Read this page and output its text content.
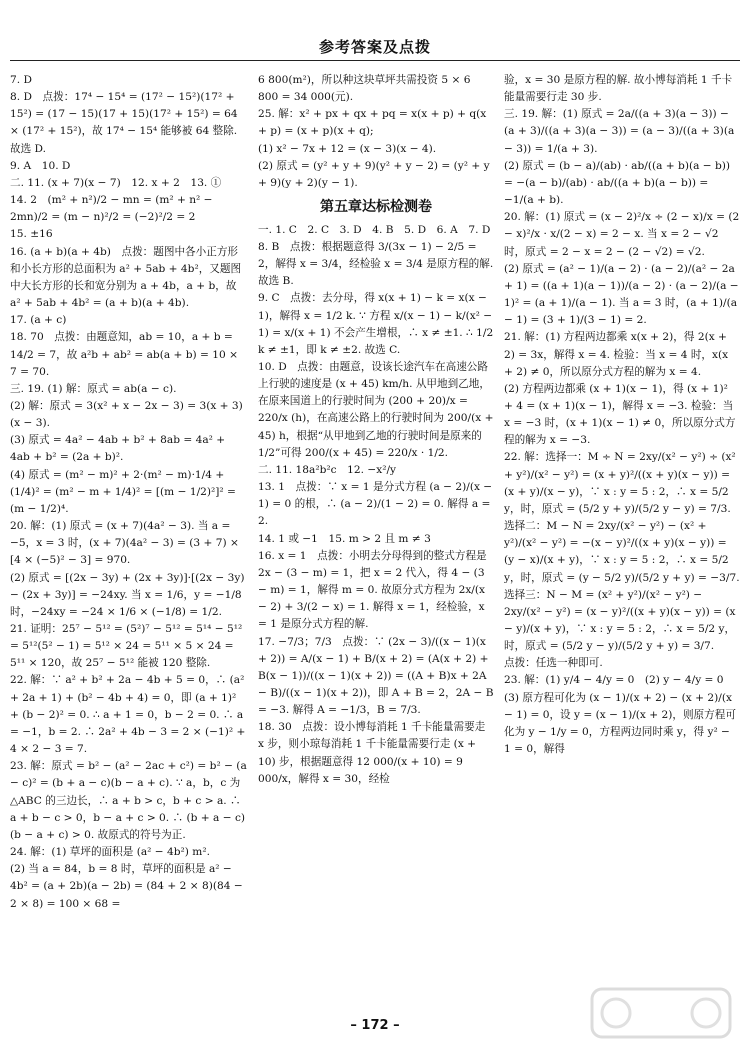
参考答案及点拨
7. D
8. D　点拨：17⁴ − 15⁴ = (17² − 15²)(17² + 15²) = (17 − 15)(17 + 15)(17² + 15²) = 64 × (17² + 15²)，故 17⁴ − 15⁴ 能够被 64 整除. 故选 D.
9. A　10. D
二. 11. (x + 7)(x − 7)　12. x + 2　13. ①
14. 2　(m² + n²)/2 − mn = (m² + n² − 2mn)/2 = (m − n)²/2 = (−2)²/2 = 2
15. ±16
16. (a + b)(a + 4b)　点拨：题图中各小正方形和小长方形的总面积为 a² + 5ab + 4b²，又题图中大长方形的长和宽分别为 a + 4b，a + b，故 a² + 5ab + 4b² = (a + b)(a + 4b).
17. (a + c)
18. 70　点拨：由题意知，ab = 10，a + b = 14/2 = 7，故 a²b + ab² = ab(a + b) = 10 × 7 = 70.
三. 19. (1) 解：原式 = ab(a − c).
(2) 解：原式 = 3(x² + x − 2x − 3) = 3(x + 3)(x − 3).
(3) 原式 = 4a² − 4ab + b² + 8ab = 4a² + 4ab + b² = (2a + b)².
(4) 原式 = (m² − m)² + 2·(m² − m)·1/4 + (1/4)² = (m² − m + 1/4)² = [(m − 1/2)²]² = (m − 1/2)⁴.
20. 解：(1) 原式 = (x + 7)(4a² − 3). 当 a = −5，x = 3 时，(x + 7)(4a² − 3) = (3 + 7) × [4 × (−5)² − 3] = 970.
(2) 原式 = [(2x − 3y) + (2x + 3y)]·[(2x − 3y) − (2x + 3y)] = −24xy. 当 x = 1/6，y = −1/8 时，−24xy = −24 × 1/6 × (−1/8) = 1/2.
21. 证明：25⁷ − 5¹² = (5²)⁷ − 5¹² = 5¹⁴ − 5¹² = 5¹²(5² − 1) = 5¹² × 24 = 5¹¹ × 5 × 24 = 5¹¹ × 120，故 25⁷ − 5¹² 能被 120 整除.
22. 解：∵ a² + b² + 2a − 4b + 5 = 0，∴ (a² + 2a + 1) + (b² − 4b + 4) = 0，即 (a + 1)² + (b − 2)² = 0. ∴ a + 1 = 0，b − 2 = 0. ∴ a = −1，b = 2. ∴ 2a² + 4b − 3 = 2 × (−1)² + 4 × 2 − 3 = 7.
23. 解：原式 = b² − (a² − 2ac + c²) = b² − (a − c)² = (b + a − c)(b − a + c). ∵ a，b，c 为 △ABC 的三边长，∴ a + b > c，b + c > a. ∴ a + b − c > 0，b − a + c > 0. ∴ (b + a − c)(b − a + c) > 0. 故原式的符号为正.
24. 解：(1) 草坪的面积是 (a² − 4b²) m².
(2) 当 a = 84，b = 8 时，草坪的面积是 a² − 4b² = (a + 2b)(a − 2b) = (84 + 2 × 8)(84 − 2 × 8) = 100 × 68 =
6 800(m²)，所以种这块草坪共需投资 5 × 6 800 = 34 000(元).
25. 解：x² + px + qx + pq = x(x + p) + q(x + p) = (x + p)(x + q);
(1) x² − 7x + 12 = (x − 3)(x − 4).
(2) 原式 = (y² + y + 9)(y² + y − 2) = (y² + y + 9)(y + 2)(y − 1).
第五章达标检测卷
一. 1. C　2. C　3. D　4. B　5. D　6. A　7. D
8. B　点拨：根据题意得 3/(3x − 1) − 2/5 = 2，解得 x = 3/4，经检验 x = 3/4 是原方程的解. 故选 B.
9. C　点拨：去分母，得 x(x + 1) − k = x(x − 1)，解得 x = 1/2 k. ∵ 方程 x/(x − 1) − k/(x² − 1) = x/(x + 1) 不会产生增根，∴ x ≠ ±1. ∴ 1/2 k ≠ ±1，即 k ≠ ±2. 故选 C.
10. D　点拨：由题意，设该长途汽车在高速公路上行驶的速度是 (x + 45) km/h. 从甲地到乙地，在原来国道上的行驶时间为 (200 + 20)/x = 220/x (h)，在高速公路上的行驶时间为 200/(x + 45) h，根据“从甲地到乙地的行驶时间是原来的 1/2”可得 200/(x + 45) = 220/x · 1/2.
二. 11. 18a²b²c　12. −x²/y
13. 1　点拨：∵ x = 1 是分式方程 (a − 2)/(x − 1) = 0 的根，∴ (a − 2)/(1 − 2) = 0. 解得 a = 2.
14. 1 或 −1　15. m > 2 且 m ≠ 3
16. x = 1　点拨：小明去分母得到的整式方程是 2x − (3 − m) = 1，把 x = 2 代入，得 4 − (3 − m) = 1，解得 m = 0. 故原分式方程为 2x/(x − 2) + 3/(2 − x) = 1. 解得 x = 1，经检验，x = 1 是原分式方程的解.
17. −7/3；7/3　点拨：∵ (2x − 3)/((x − 1)(x + 2)) = A/(x − 1) + B/(x + 2) = (A(x + 2) + B(x − 1))/((x − 1)(x + 2)) = ((A + B)x + 2A − B)/((x − 1)(x + 2))，即 A + B = 2，2A − B = −3. 解得 A = −1/3，B = 7/3.
18. 30　点拨：设小博每消耗 1 千卡能量需要走 x 步，则小琼每消耗 1 千卡能量需要行走 (x + 10) 步，根据题意得 12 000/(x + 10) = 9 000/x，解得 x = 30，经检
验，x = 30 是原方程的解. 故小博每消耗 1 千卡能量需要行走 30 步.
三. 19. 解：(1) 原式 = 2a/((a + 3)(a − 3)) − (a + 3)/((a + 3)(a − 3)) = (a − 3)/((a + 3)(a − 3)) = 1/(a + 3).
(2) 原式 = (b − a)/(ab) · ab/((a + b)(a − b)) = −(a − b)/(ab) · ab/((a + b)(a − b)) = −1/(a + b).
20. 解：(1) 原式 = (x − 2)²/x ÷ (2 − x)/x = (2 − x)²/x · x/(2 − x) = 2 − x. 当 x = 2 − √2 时，原式 = 2 − x = 2 − (2 − √2) = √2.
(2) 原式 = (a² − 1)/(a − 2) · (a − 2)/(a² − 2a + 1) = ((a + 1)(a − 1))/(a − 2) · (a − 2)/(a − 1)² = (a + 1)/(a − 1). 当 a = 3 时，(a + 1)/(a − 1) = (3 + 1)/(3 − 1) = 2.
21. 解：(1) 方程两边都乘 x(x + 2)，得 2(x + 2) = 3x，解得 x = 4. 检验：当 x = 4 时，x(x + 2) ≠ 0，所以原分式方程的解为 x = 4.
(2) 方程两边都乘 (x + 1)(x − 1)，得 (x + 1)² + 4 = (x + 1)(x − 1)，解得 x = −3. 检验：当 x = −3 时，(x + 1)(x − 1) ≠ 0，所以原分式方程的解为 x = −3.
22. 解：选择一：M ÷ N = 2xy/(x² − y²) ÷ (x² + y²)/(x² − y²) = (x + y)²/((x + y)(x − y)) = (x + y)/(x − y)，∵ x : y = 5 : 2，∴ x = 5/2 y，时，原式 = (5/2 y + y)/(5/2 y − y) = 7/3.
选择二：M − N = 2xy/(x² − y²) − (x² + y²)/(x² − y²) = −(x − y)²/((x + y)(x − y)) = (y − x)/(x + y)，∵ x : y = 5 : 2，∴ x = 5/2 y，时，原式 = (y − 5/2 y)/(5/2 y + y) = −3/7.
选择三：N − M = (x² + y²)/(x² − y²) − 2xy/(x² − y²) = (x − y)²/((x + y)(x − y)) = (x − y)/(x + y)，∵ x : y = 5 : 2，∴ x = 5/2 y，时，原式 = (5/2 y − y)/(5/2 y + y) = 3/7.
点拨：任选一种即可.
23. 解：(1) y/4 − 4/y = 0　(2) y − 4/y = 0
(3) 原方程可化为 (x − 1)/(x + 2) − (x + 2)/(x − 1) = 0，设 y = (x − 1)/(x + 2)，则原方程可化为 y − 1/y = 0，方程两边同时乘 y，得 y² − 1 = 0，解得
– 172 –
